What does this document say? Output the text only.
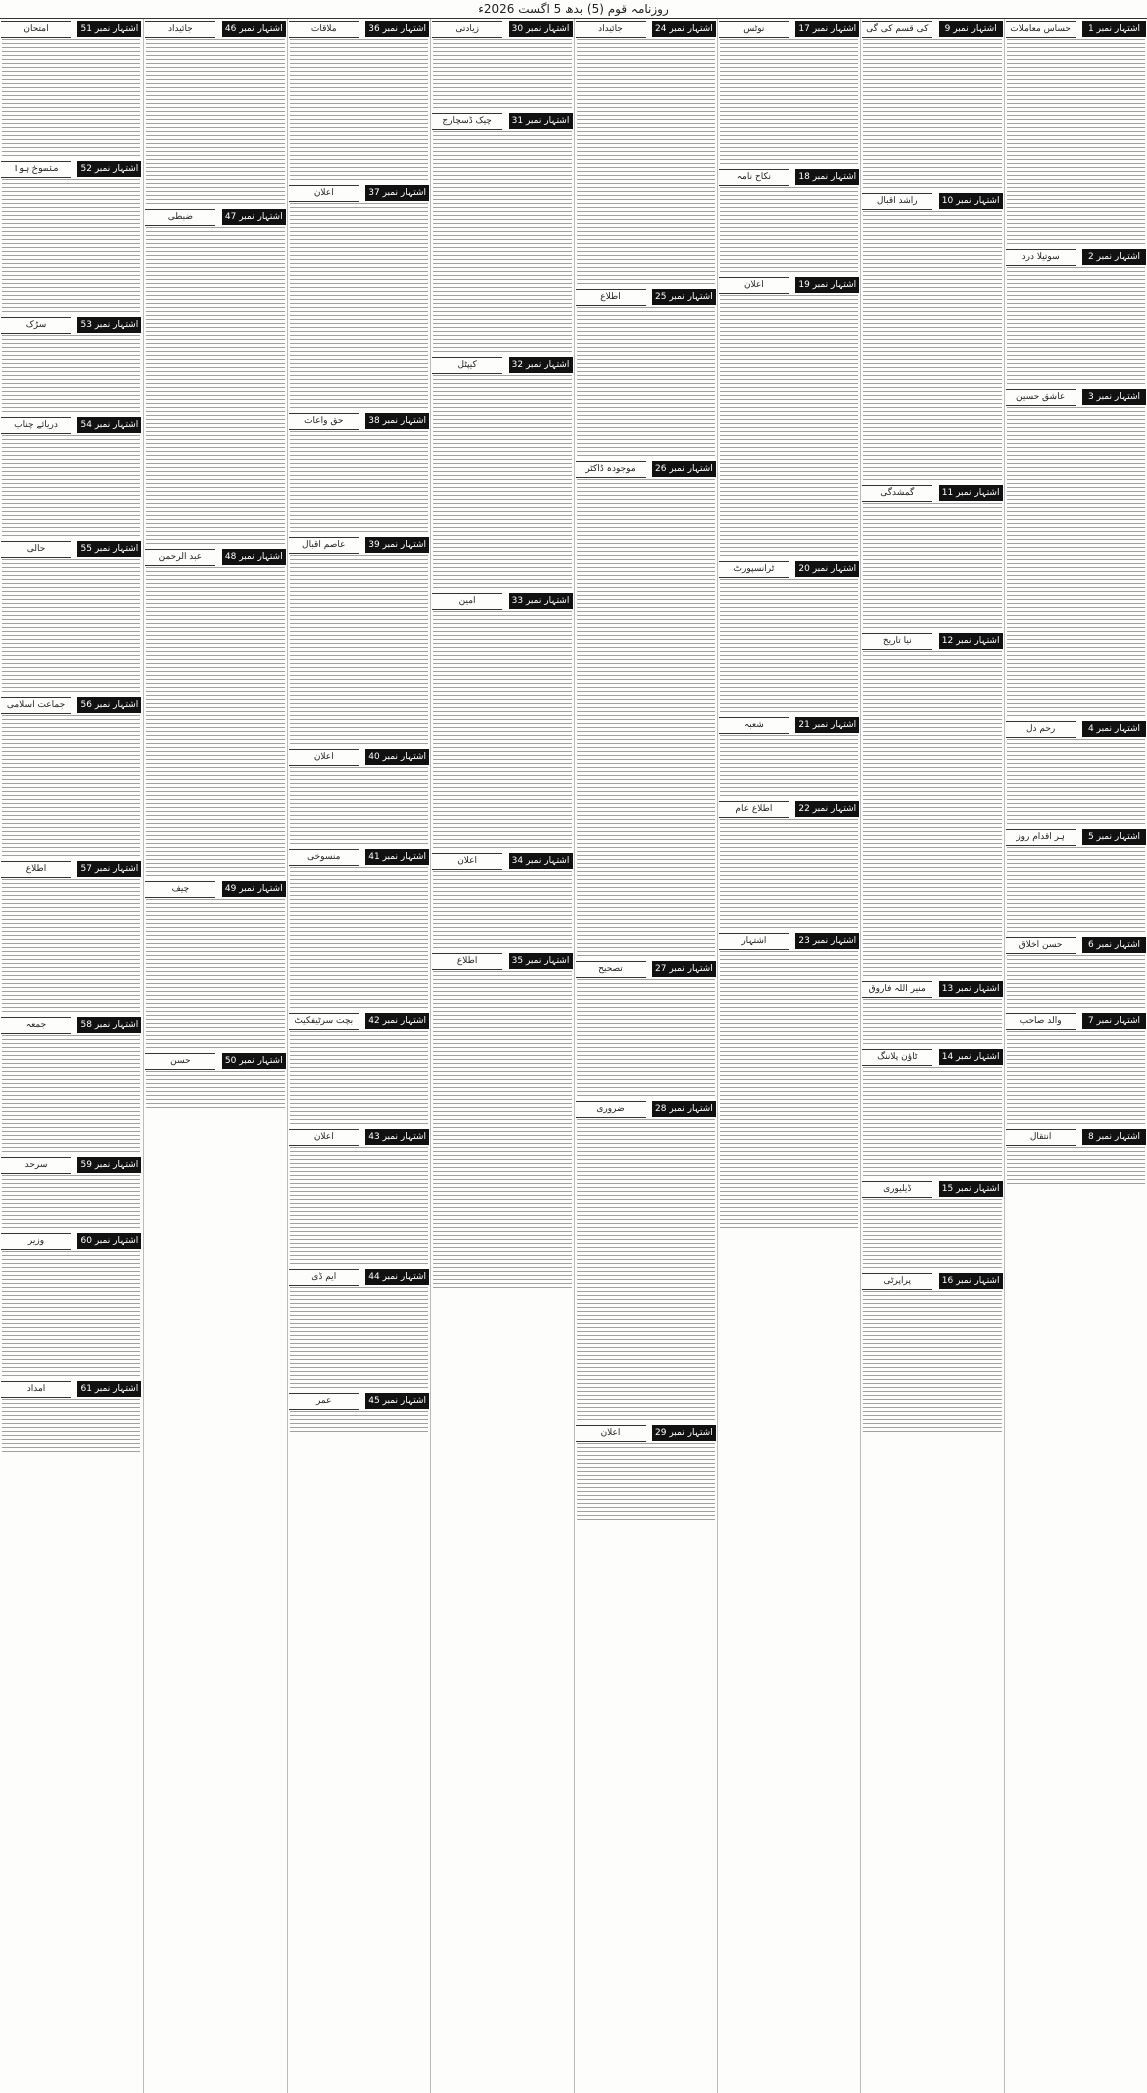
روزنامہ قوم (5) بدھ 5 اگست 2026ء
اشتہار نمبر 1
حساس معاملات
اشتہار نمبر 2
سوتیلا درد
اشتہار نمبر 3
عاشق حسین
اشتہار نمبر 4
رحم دل
اشتہار نمبر 5
ہر اقدام روز
اشتہار نمبر 6
حسن اخلاق
اشتہار نمبر 7
والد صاحب
اشتہار نمبر 8
انتقال
اشتہار نمبر 9
کی قسم کی گی
اشتہار نمبر 10
راشد اقبال
اشتہار نمبر 11
گمشدگی
اشتہار نمبر 12
نیا تاریخ
اشتہار نمبر 13
منیر اللہ فاروق
اشتہار نمبر 14
ٹاؤن پلاننگ
اشتہار نمبر 15
ڈیلیوری
اشتہار نمبر 16
پراپرٹی
اشتہار نمبر 17
نوٹس
اشتہار نمبر 18
نکاح نامہ
اشتہار نمبر 19
اعلان
اشتہار نمبر 20
ٹرانسپورٹ
اشتہار نمبر 21
شعبہ
اشتہار نمبر 22
اطلاع عام
اشتہار نمبر 23
اشتہار
اشتہار نمبر 24
جائیداد
اشتہار نمبر 25
اطلاع
اشتہار نمبر 26
موجودہ ڈاکٹر
اشتہار نمبر 27
تصحیح
اشتہار نمبر 28
ضروری
اشتہار نمبر 29
اعلان
اشتہار نمبر 30
زیادتی
اشتہار نمبر 31
چیک ڈسچارج
اشتہار نمبر 32
کیپٹل
اشتہار نمبر 33
امین
اشتہار نمبر 34
اعلان
اشتہار نمبر 35
اطلاع
اشتہار نمبر 36
ملاقات
اشتہار نمبر 37
اعلان
اشتہار نمبر 38
حق واعات
اشتہار نمبر 39
عاصم اقبال
اشتہار نمبر 40
اعلان
اشتہار نمبر 41
منسوخی
اشتہار نمبر 42
بچت سرٹیفکیٹ
اشتہار نمبر 43
اعلان
اشتہار نمبر 44
ایم ڈی
اشتہار نمبر 45
عمر
اشتہار نمبر 46
جائیداد
اشتہار نمبر 47
ضبطی
اشتہار نمبر 48
عبد الرحمن
اشتہار نمبر 49
چیف
اشتہار نمبر 50
حسن
اشتہار نمبر 51
امتحان
اشتہار نمبر 52
منسوخ ہوا
اشتہار نمبر 53
سڑک
اشتہار نمبر 54
دریائے چناب
اشتہار نمبر 55
حالی
اشتہار نمبر 56
جماعت اسلامی
اشتہار نمبر 57
اطلاع
اشتہار نمبر 58
جمعہ
اشتہار نمبر 59
سرحد
اشتہار نمبر 60
وزیر
اشتہار نمبر 61
امداد
